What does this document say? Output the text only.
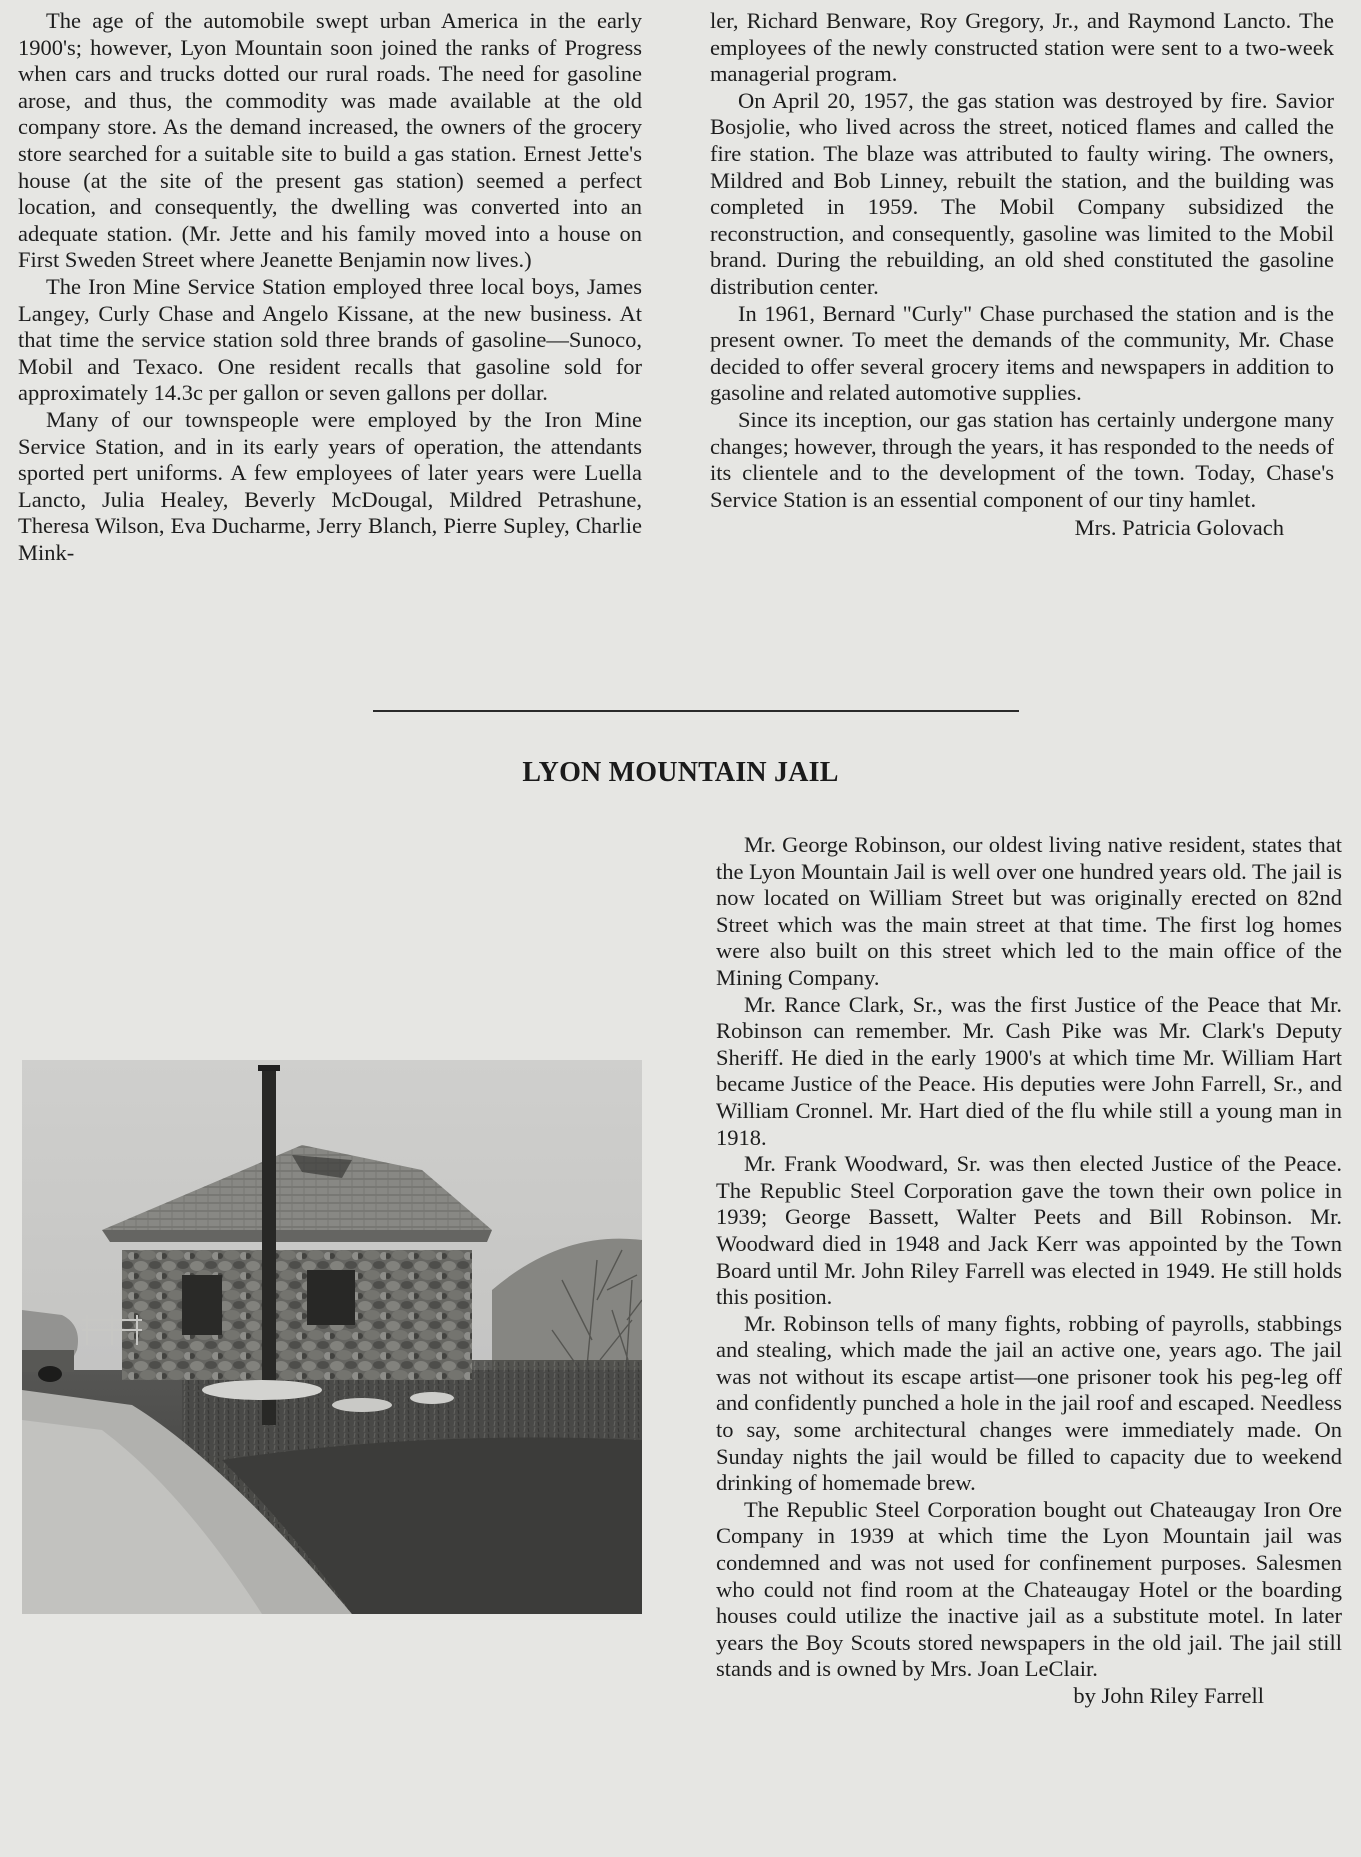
The age of the automobile swept urban America in the early 1900's; however, Lyon Mountain soon joined the ranks of Progress when cars and trucks dotted our rural roads. The need for gasoline arose, and thus, the commodity was made available at the old company store. As the demand increased, the owners of the grocery store searched for a suitable site to build a gas station. Ernest Jette's house (at the site of the present gas station) seemed a perfect location, and consequently, the dwelling was converted into an adequate station. (Mr. Jette and his family moved into a house on First Sweden Street where Jeanette Benjamin now lives.)

The Iron Mine Service Station employed three local boys, James Langey, Curly Chase and Angelo Kissane, at the new business. At that time the service station sold three brands of gasoline—Sunoco, Mobil and Texaco. One resident recalls that gasoline sold for approximately 14.3c per gallon or seven gallons per dollar.

Many of our townspeople were employed by the Iron Mine Service Station, and in its early years of operation, the attendants sported pert uniforms. A few employees of later years were Luella Lancto, Julia Healey, Beverly McDougal, Mildred Petrashune, Theresa Wilson, Eva Ducharme, Jerry Blanch, Pierre Supley, Charlie Mink-

ler, Richard Benware, Roy Gregory, Jr., and Raymond Lancto. The employees of the newly constructed station were sent to a two-week managerial program.

On April 20, 1957, the gas station was destroyed by fire. Savior Bosjolie, who lived across the street, noticed flames and called the fire station. The blaze was attributed to faulty wiring. The owners, Mildred and Bob Linney, rebuilt the station, and the building was completed in 1959. The Mobil Company subsidized the reconstruction, and consequently, gasoline was limited to the Mobil brand. During the rebuilding, an old shed constituted the gasoline distribution center.

In 1961, Bernard "Curly" Chase purchased the station and is the present owner. To meet the demands of the community, Mr. Chase decided to offer several grocery items and newspapers in addition to gasoline and related automotive supplies.

Since its inception, our gas station has certainly undergone many changes; however, through the years, it has responded to the needs of its clientele and to the development of the town. Today, Chase's Service Station is an essential component of our tiny hamlet.

Mrs. Patricia Golovach

LYON MOUNTAIN JAIL

Mr. George Robinson, our oldest living native resident, states that the Lyon Mountain Jail is well over one hundred years old. The jail is now located on William Street but was originally erected on 82nd Street which was the main street at that time. The first log homes were also built on this street which led to the main office of the Mining Company.

Mr. Rance Clark, Sr., was the first Justice of the Peace that Mr. Robinson can remember. Mr. Cash Pike was Mr. Clark's Deputy Sheriff. He died in the early 1900's at which time Mr. William Hart became Justice of the Peace. His deputies were John Farrell, Sr., and William Cronnel. Mr. Hart died of the flu while still a young man in 1918.

Mr. Frank Woodward, Sr. was then elected Justice of the Peace. The Republic Steel Corporation gave the town their own police in 1939; George Bassett, Walter Peets and Bill Robinson. Mr. Woodward died in 1948 and Jack Kerr was appointed by the Town Board until Mr. John Riley Farrell was elected in 1949. He still holds this position.

Mr. Robinson tells of many fights, robbing of payrolls, stabbings and stealing, which made the jail an active one, years ago. The jail was not without its escape artist—one prisoner took his peg-leg off and confidently punched a hole in the jail roof and escaped. Needless to say, some architectural changes were immediately made. On Sunday nights the jail would be filled to capacity due to weekend drinking of homemade brew.

The Republic Steel Corporation bought out Chateaugay Iron Ore Company in 1939 at which time the Lyon Mountain jail was condemned and was not used for confinement purposes. Salesmen who could not find room at the Chateaugay Hotel or the boarding houses could utilize the inactive jail as a substitute motel. In later years the Boy Scouts stored newspapers in the old jail. The jail still stands and is owned by Mrs. Joan LeClair.

by John Riley Farrell
